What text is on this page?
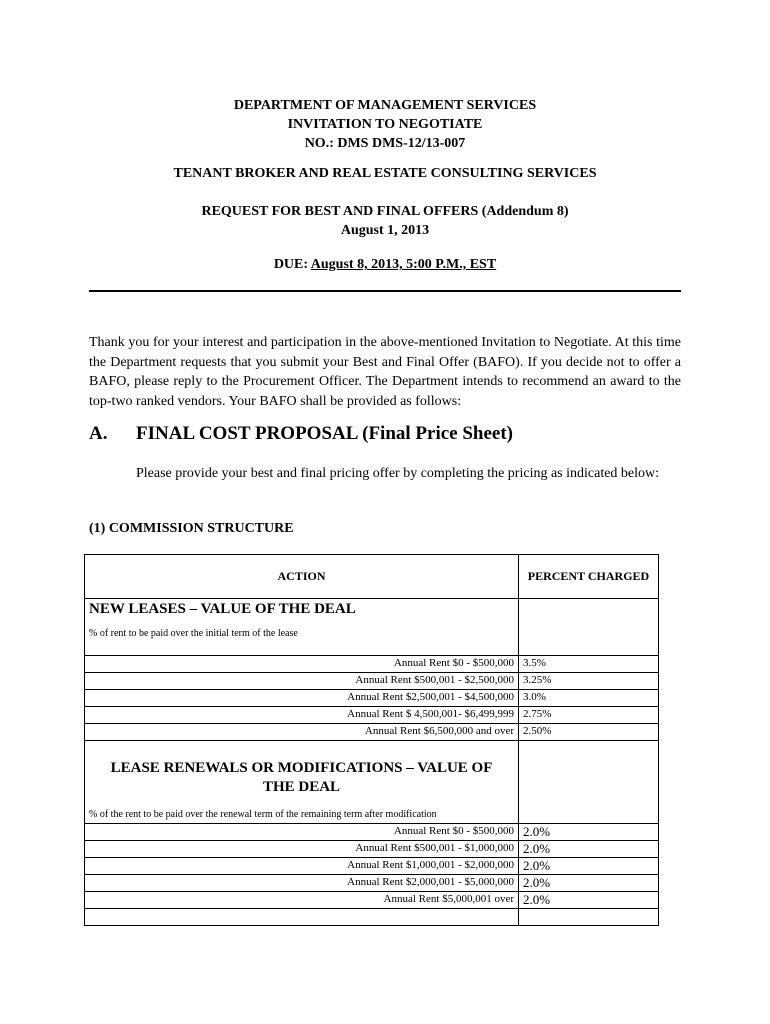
DEPARTMENT OF MANAGEMENT SERVICES
INVITATION TO NEGOTIATE
NO.: DMS DMS-12/13-007
TENANT BROKER AND REAL ESTATE CONSULTING SERVICES
REQUEST FOR BEST AND FINAL OFFERS (Addendum 8)
August 1, 2013
DUE: August 8, 2013, 5:00 P.M., EST
Thank you for your interest and participation in the above-mentioned Invitation to Negotiate. At this time the Department requests that you submit your Best and Final Offer (BAFO). If you decide not to offer a BAFO, please reply to the Procurement Officer. The Department intends to recommend an award to the top-two ranked vendors. Your BAFO shall be provided as follows:
A. FINAL COST PROPOSAL (Final Price Sheet)
Please provide your best and final pricing offer by completing the pricing as indicated below:
(1) COMMISSION STRUCTURE
ACTION	PERCENT CHARGED

NEW LEASES – VALUE OF THE DEAL
% of rent to be paid over the initial term of the lease	

Annual Rent $0 - $500,000	3.5%
Annual Rent $500,001 - $2,500,000	3.25%
Annual Rent $2,500,001 - $4,500,000	3.0%
Annual Rent $ 4,500,001- $6,499,999	2.75%
Annual Rent $6,500,000 and over	2.50%

LEASE RENEWALS OR MODIFICATIONS – VALUE OF THE DEAL
% of the rent to be paid over the renewal term of the remaining term after modification	

Annual Rent $0 - $500,000	2.0%
Annual Rent $500,001 - $1,000,000	2.0%
Annual Rent $1,000,001 - $2,000,000	2.0%
Annual Rent $2,000,001 - $5,000,000	2.0%
Annual Rent $5,000,001 over	2.0%
